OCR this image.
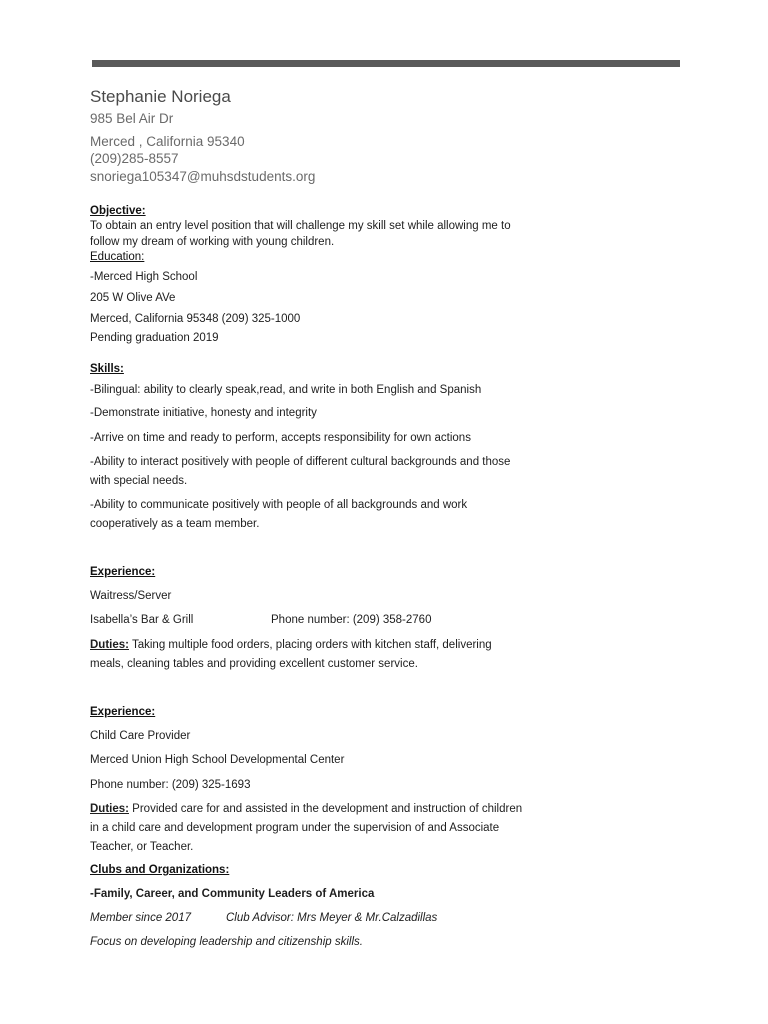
Stephanie Noriega
985 Bel Air Dr
Merced , California 95340
(209)285-8557
snoriega105347@muhsdstudents.org
Objective:
To obtain an entry level position that will challenge my skill set while allowing me to
follow my dream of working with young children.
Education:
-Merced High School
205 W Olive AVe
Merced, California 95348 (209) 325-1000
Pending graduation 2019
Skills:
-Bilingual: ability to clearly speak,read, and write in both English and Spanish
-Demonstrate initiative, honesty and integrity
-Arrive on time and ready to perform, accepts responsibility for own actions
-Ability to interact positively with people of different cultural backgrounds and those
with special needs.
-Ability to communicate positively with people of all backgrounds and work
cooperatively as a team member.
Experience:
Waitress/Server
Isabella’s Bar & Grill	Phone number: (209) 358-2760
Duties: Taking multiple food orders, placing orders with kitchen staff, delivering
meals, cleaning tables and providing excellent customer service.
Experience:
Child Care Provider
Merced Union High School Developmental Center
Phone number: (209) 325-1693
Duties: Provided care for and assisted in the development and instruction of children
in a child care and development program under the supervision of and Associate
Teacher, or Teacher.
Clubs and Organizations:
-Family, Career, and Community Leaders of America
Member since 2017	Club Advisor: Mrs Meyer & Mr.Calzadillas
Focus on developing leadership and citizenship skills.
